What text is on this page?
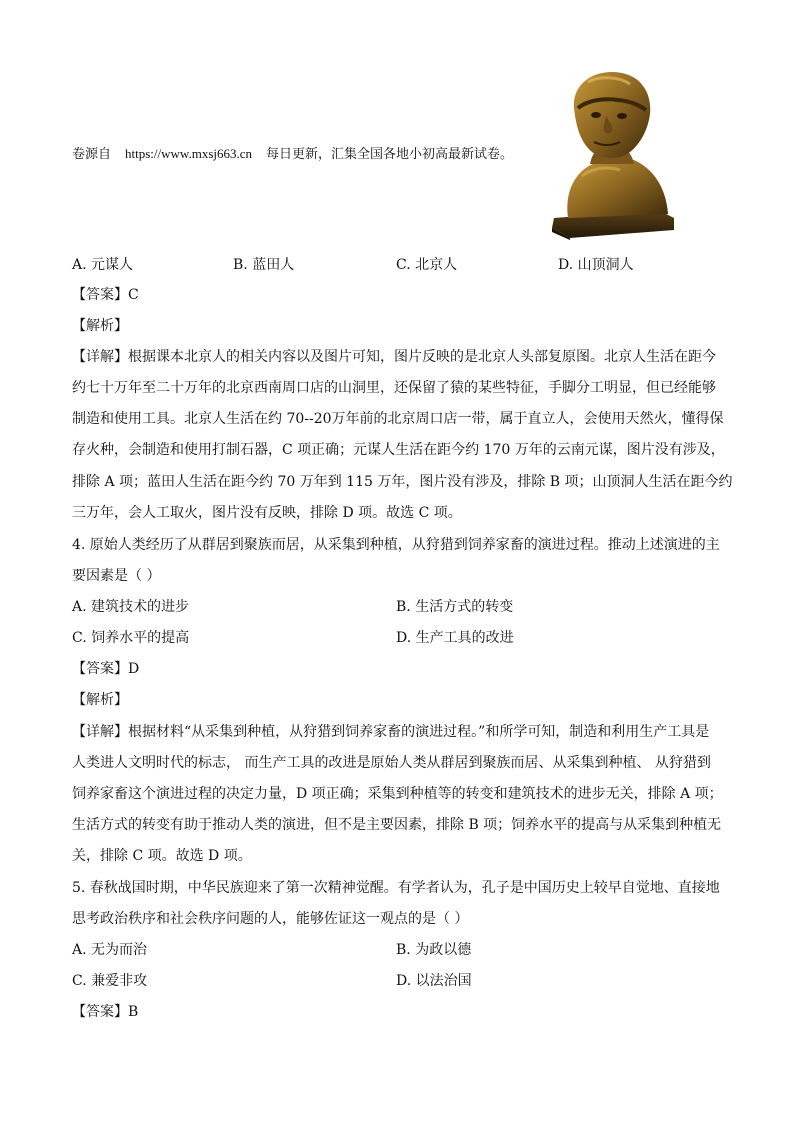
卷源自 https://www.mxsj663.cn 每日更新，汇集全国各地小初高最新试卷。
A. 元谋人	B. 蓝田人	C. 北京人	D. 山顶洞人
【答案】C
【解析】
【详解】根据课本北京人的相关内容以及图片可知，图片反映的是北京人头部复原图。北京人生活在距今
约七十万年至二十万年的北京西南周口店的山洞里，还保留了猿的某些特征，手脚分工明显，但已经能够
制造和使用工具。北京人生活在约 70--20万年前的北京周口店一带，属于直立人，会使用天然火，懂得保
存火种，会制造和使用打制石器，C 项正确；元谋人生活在距今约 170 万年的云南元谋，图片没有涉及，
排除 A 项；蓝田人生活在距今约 70 万年到 115 万年，图片没有涉及，排除 B 项；山顶洞人生活在距今约
三万年，会人工取火，图片没有反映，排除 D 项。故选 C 项。
4. 原始人类经历了从群居到聚族而居，从采集到种植，从狩猎到饲养家畜的演进过程。推动上述演进的主
要因素是（ ）
A. 建筑技术的进步	B. 生活方式的转变
C. 饲养水平的提高	D. 生产工具的改进
【答案】D
【解析】
【详解】根据材料“从采集到种植，从狩猎到饲养家畜的演进过程。”和所学可知，制造和利用生产工具是
人类进人文明时代的标志， 而生产工具的改进是原始人类从群居到聚族而居、从采集到种植、 从狩猎到
饲养家畜这个演进过程的决定力量，D 项正确；采集到种植等的转变和建筑技术的进步无关，排除 A 项；
生活方式的转变有助于推动人类的演进，但不是主要因素，排除 B 项；饲养水平的提高与从采集到种植无
关，排除 C 项。故选 D 项。
5. 春秋战国时期，中华民族迎来了第一次精神觉醒。有学者认为，孔子是中国历史上较早自觉地、直接地
思考政治秩序和社会秩序问题的人，能够佐证这一观点的是（ ）
A. 无为而治	B. 为政以德
C. 兼爱非攻	D. 以法治国
【答案】B
